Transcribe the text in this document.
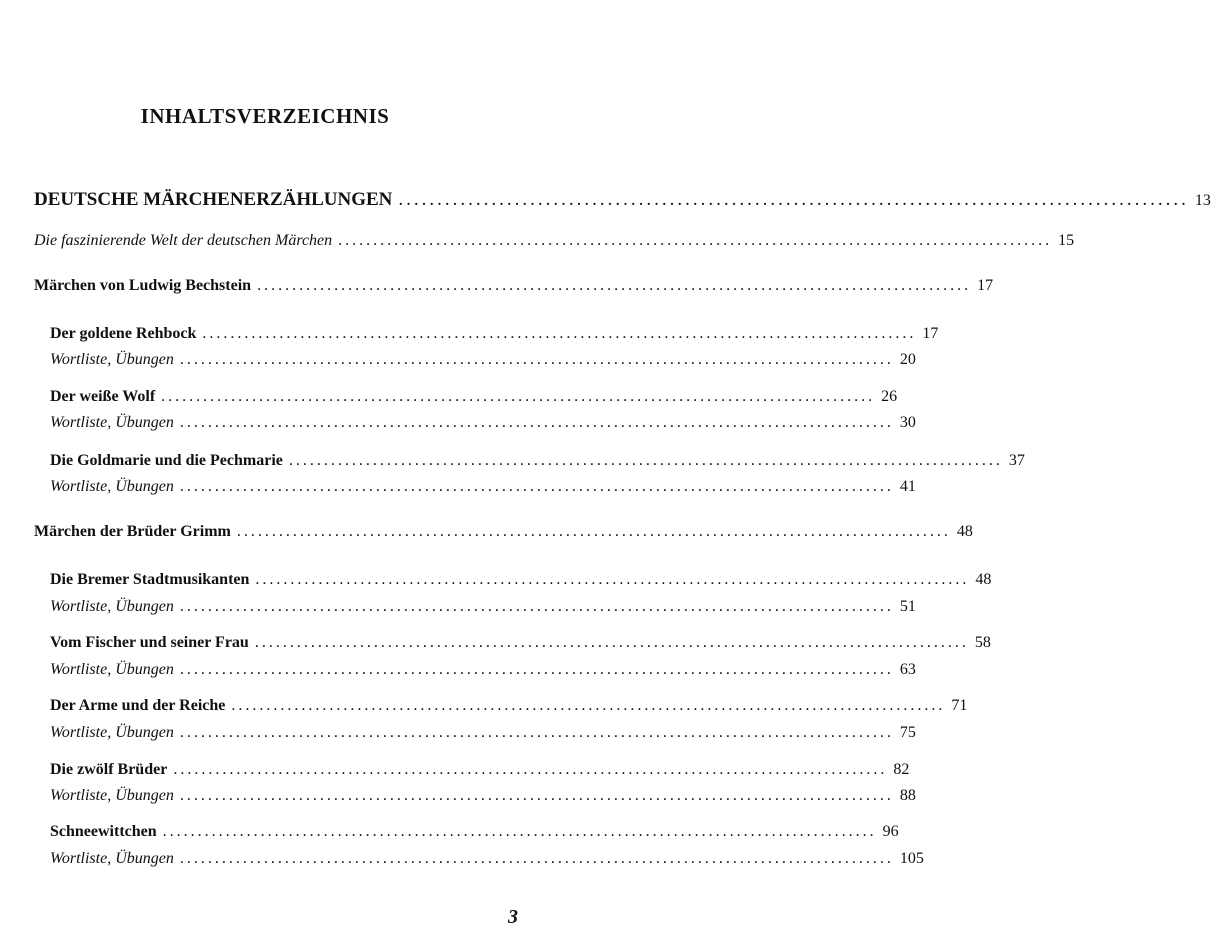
INHALTSVERZEICHNIS
DEUTSCHE MÄRCHENERZÄHLUNGEN ...................................................................................................... 13
Die faszinierende Welt der deutschen Märchen ...................................................................................................... 15
Märchen von Ludwig Bechstein ...................................................................................................... 17
Der goldene Rehbock ...................................................................................................... 17
Wortliste, Übungen ...................................................................................................... 20
Der weiße Wolf ...................................................................................................... 26
Wortliste, Übungen ...................................................................................................... 30
Die Goldmarie und die Pechmarie ...................................................................................................... 37
Wortliste, Übungen ...................................................................................................... 41
Märchen der Brüder Grimm ...................................................................................................... 48
Die Bremer Stadtmusikanten ...................................................................................................... 48
Wortliste, Übungen ...................................................................................................... 51
Vom Fischer und seiner Frau ...................................................................................................... 58
Wortliste, Übungen ...................................................................................................... 63
Der Arme und der Reiche ...................................................................................................... 71
Wortliste, Übungen ...................................................................................................... 75
Die zwölf Brüder ...................................................................................................... 82
Wortliste, Übungen ...................................................................................................... 88
Schneewittchen ...................................................................................................... 96
Wortliste, Übungen ...................................................................................................... 105
3
